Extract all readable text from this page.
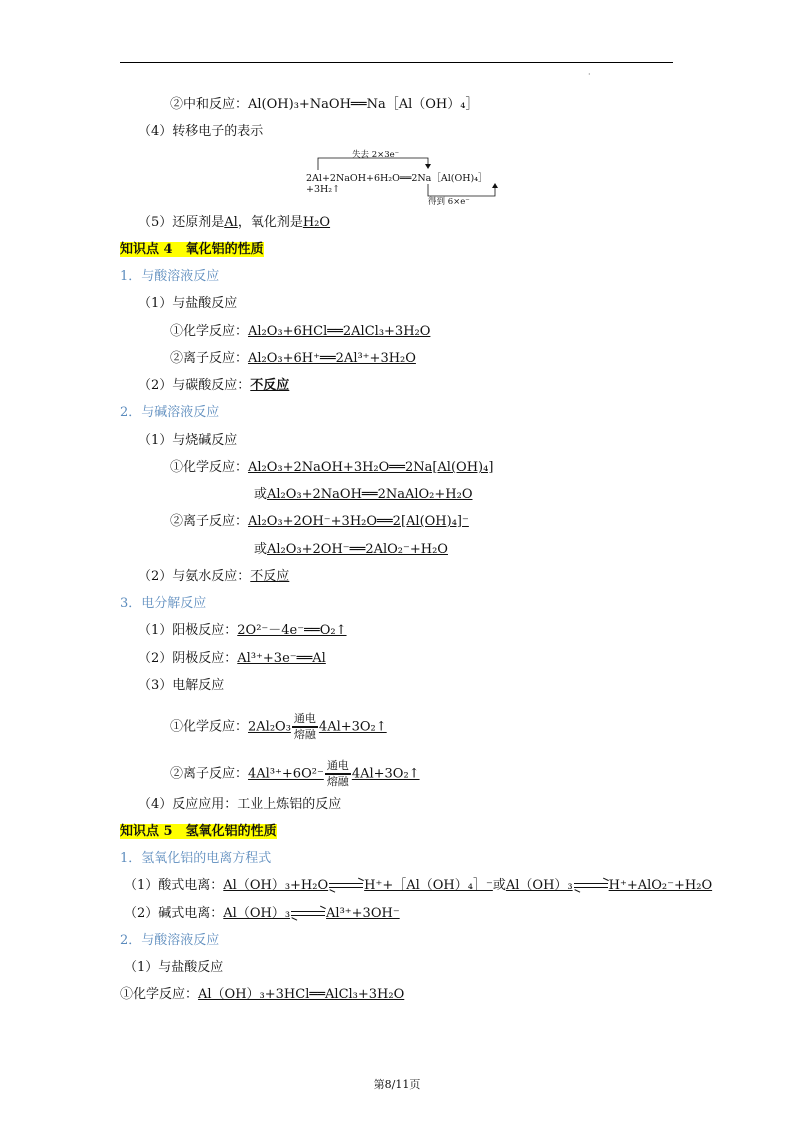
·
②中和反应：Al(OH)₃+NaOH══Na［Al（OH）₄］
（4）转移电子的表示
失去 2×3e⁻
2Al+2NaOH+6H₂O══2Na［Al(OH)₄］+3H₂↑
得到 6×e⁻
（5）还原剂是Al，氧化剂是H₂O
知识点 4　氧化铝的性质
1．与酸溶液反应
（1）与盐酸反应
①化学反应：Al₂O₃+6HCl══2AlCl₃+3H₂O
②离子反应：Al₂O₃+6H⁺══2Al³⁺+3H₂O
（2）与碳酸反应：不反应
2．与碱溶液反应
（1）与烧碱反应
①化学反应：Al₂O₃+2NaOH+3H₂O══2Na[Al(OH)₄]
或Al₂O₃+2NaOH══2NaAlO₂+H₂O
②离子反应：Al₂O₃+2OH⁻+3H₂O══2[Al(OH)₄]⁻
或Al₂O₃+2OH⁻══2AlO₂⁻+H₂O
（2）与氨水反应：不反应
3．电分解反应
（1）阳极反应：2O²⁻－4e⁻══O₂↑
（2）阴极反应：Al³⁺+3e⁻══Al
（3）电解反应
①化学反应：2Al₂O₃
通电
熔融 4Al+3O₂↑
②离子反应：4Al³⁺+6O²⁻
通电
熔融 4Al+3O₂↑
（4）反应应用：工业上炼铝的反应
知识点 5　氢氧化铝的性质
1．氢氧化铝的电离方程式
（1）酸式电离：Al（OH）₃+H₂O	H⁺+［Al（OH）₄］⁻或Al（OH）₃	H⁺+AlO₂⁻+H₂O
（2）碱式电离：Al（OH）₃	Al³⁺+3OH⁻
2．与酸溶液反应
（1）与盐酸反应
①化学反应：Al（OH）₃+3HCl══AlCl₃+3H₂O
第8/11页
